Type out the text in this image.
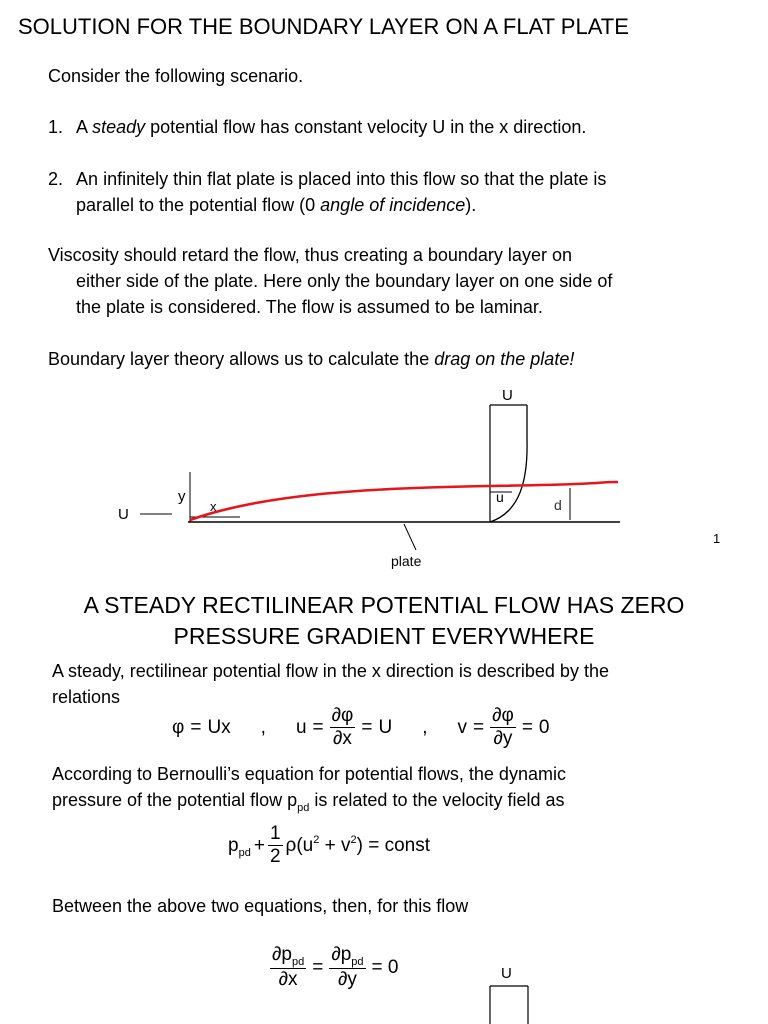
SOLUTION FOR THE BOUNDARY LAYER ON A FLAT PLATE
Consider the following scenario.
1. A steady potential flow has constant velocity U in the x direction.
2. An infinitely thin flat plate is placed into this flow so that the plate is
parallel to the potential flow (0 angle of incidence).
Viscosity should retard the flow, thus creating a boundary layer on
either side of the plate. Here only the boundary layer on one side of
the plate is considered. The flow is assumed to be laminar.
Boundary layer theory allows us to calculate the drag on the plate!
U
U
y
x
u	d
plate
1
A STEADY RECTILINEAR POTENTIAL FLOW HAS ZERO
PRESSURE GRADIENT EVERYWHERE
A steady, rectilinear potential flow in the x direction is described by the
relations
φ = Ux , $u = \frac{\partial\varphi}{\partial x} = U$ , $v = \frac{\partial\varphi}{\partial y} = 0$
According to Bernoulli’s equation for potential flows, the dynamic
pressure of the potential flow $p_{pd}$ is related to the velocity field as
$p_{pd} + \frac{1}{2} \rho(u^2 + v^2)$ = const
Between the above two equations, then, for this flow
$\frac{\partial p_{pd}}{\partial x} = \frac{\partial p_{pd}}{\partial y} = 0$	U
